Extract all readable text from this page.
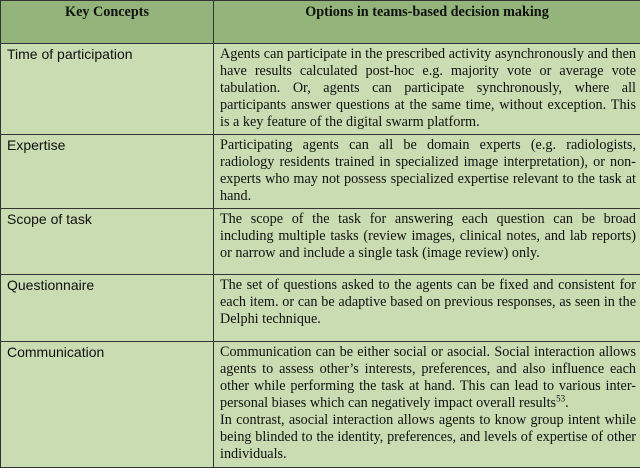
Key Concepts	Options in teams-based decision making
Time of participation	Agents can participate in the prescribed activity asynchronously and then have results calculated post-hoc e.g. majority vote or average vote tabulation. Or, agents can participate synchronously, where all participants answer questions at the same time, without exception. This is a key feature of the digital swarm platform.
Expertise	Participating agents can all be domain experts (e.g. radiologists, radiology residents trained in specialized image interpretation), or non-experts who may not possess specialized expertise relevant to the task at hand.
Scope of task	The scope of the task for answering each question can be broad including multiple tasks (review images, clinical notes, and lab reports) or narrow and include a single task (image review) only.
Questionnaire	The set of questions asked to the agents can be fixed and consistent for each item. or can be adaptive based on previous responses, as seen in the Delphi technique.
Communication	Communication can be either social or asocial. Social interaction allows agents to assess other’s interests, preferences, and also influence each other while performing the task at hand. This can lead to various inter-personal biases which can negatively impact overall results$^{53}$.
In contrast, asocial interaction allows agents to know group intent while being blinded to the identity, preferences, and levels of expertise of other individuals.
